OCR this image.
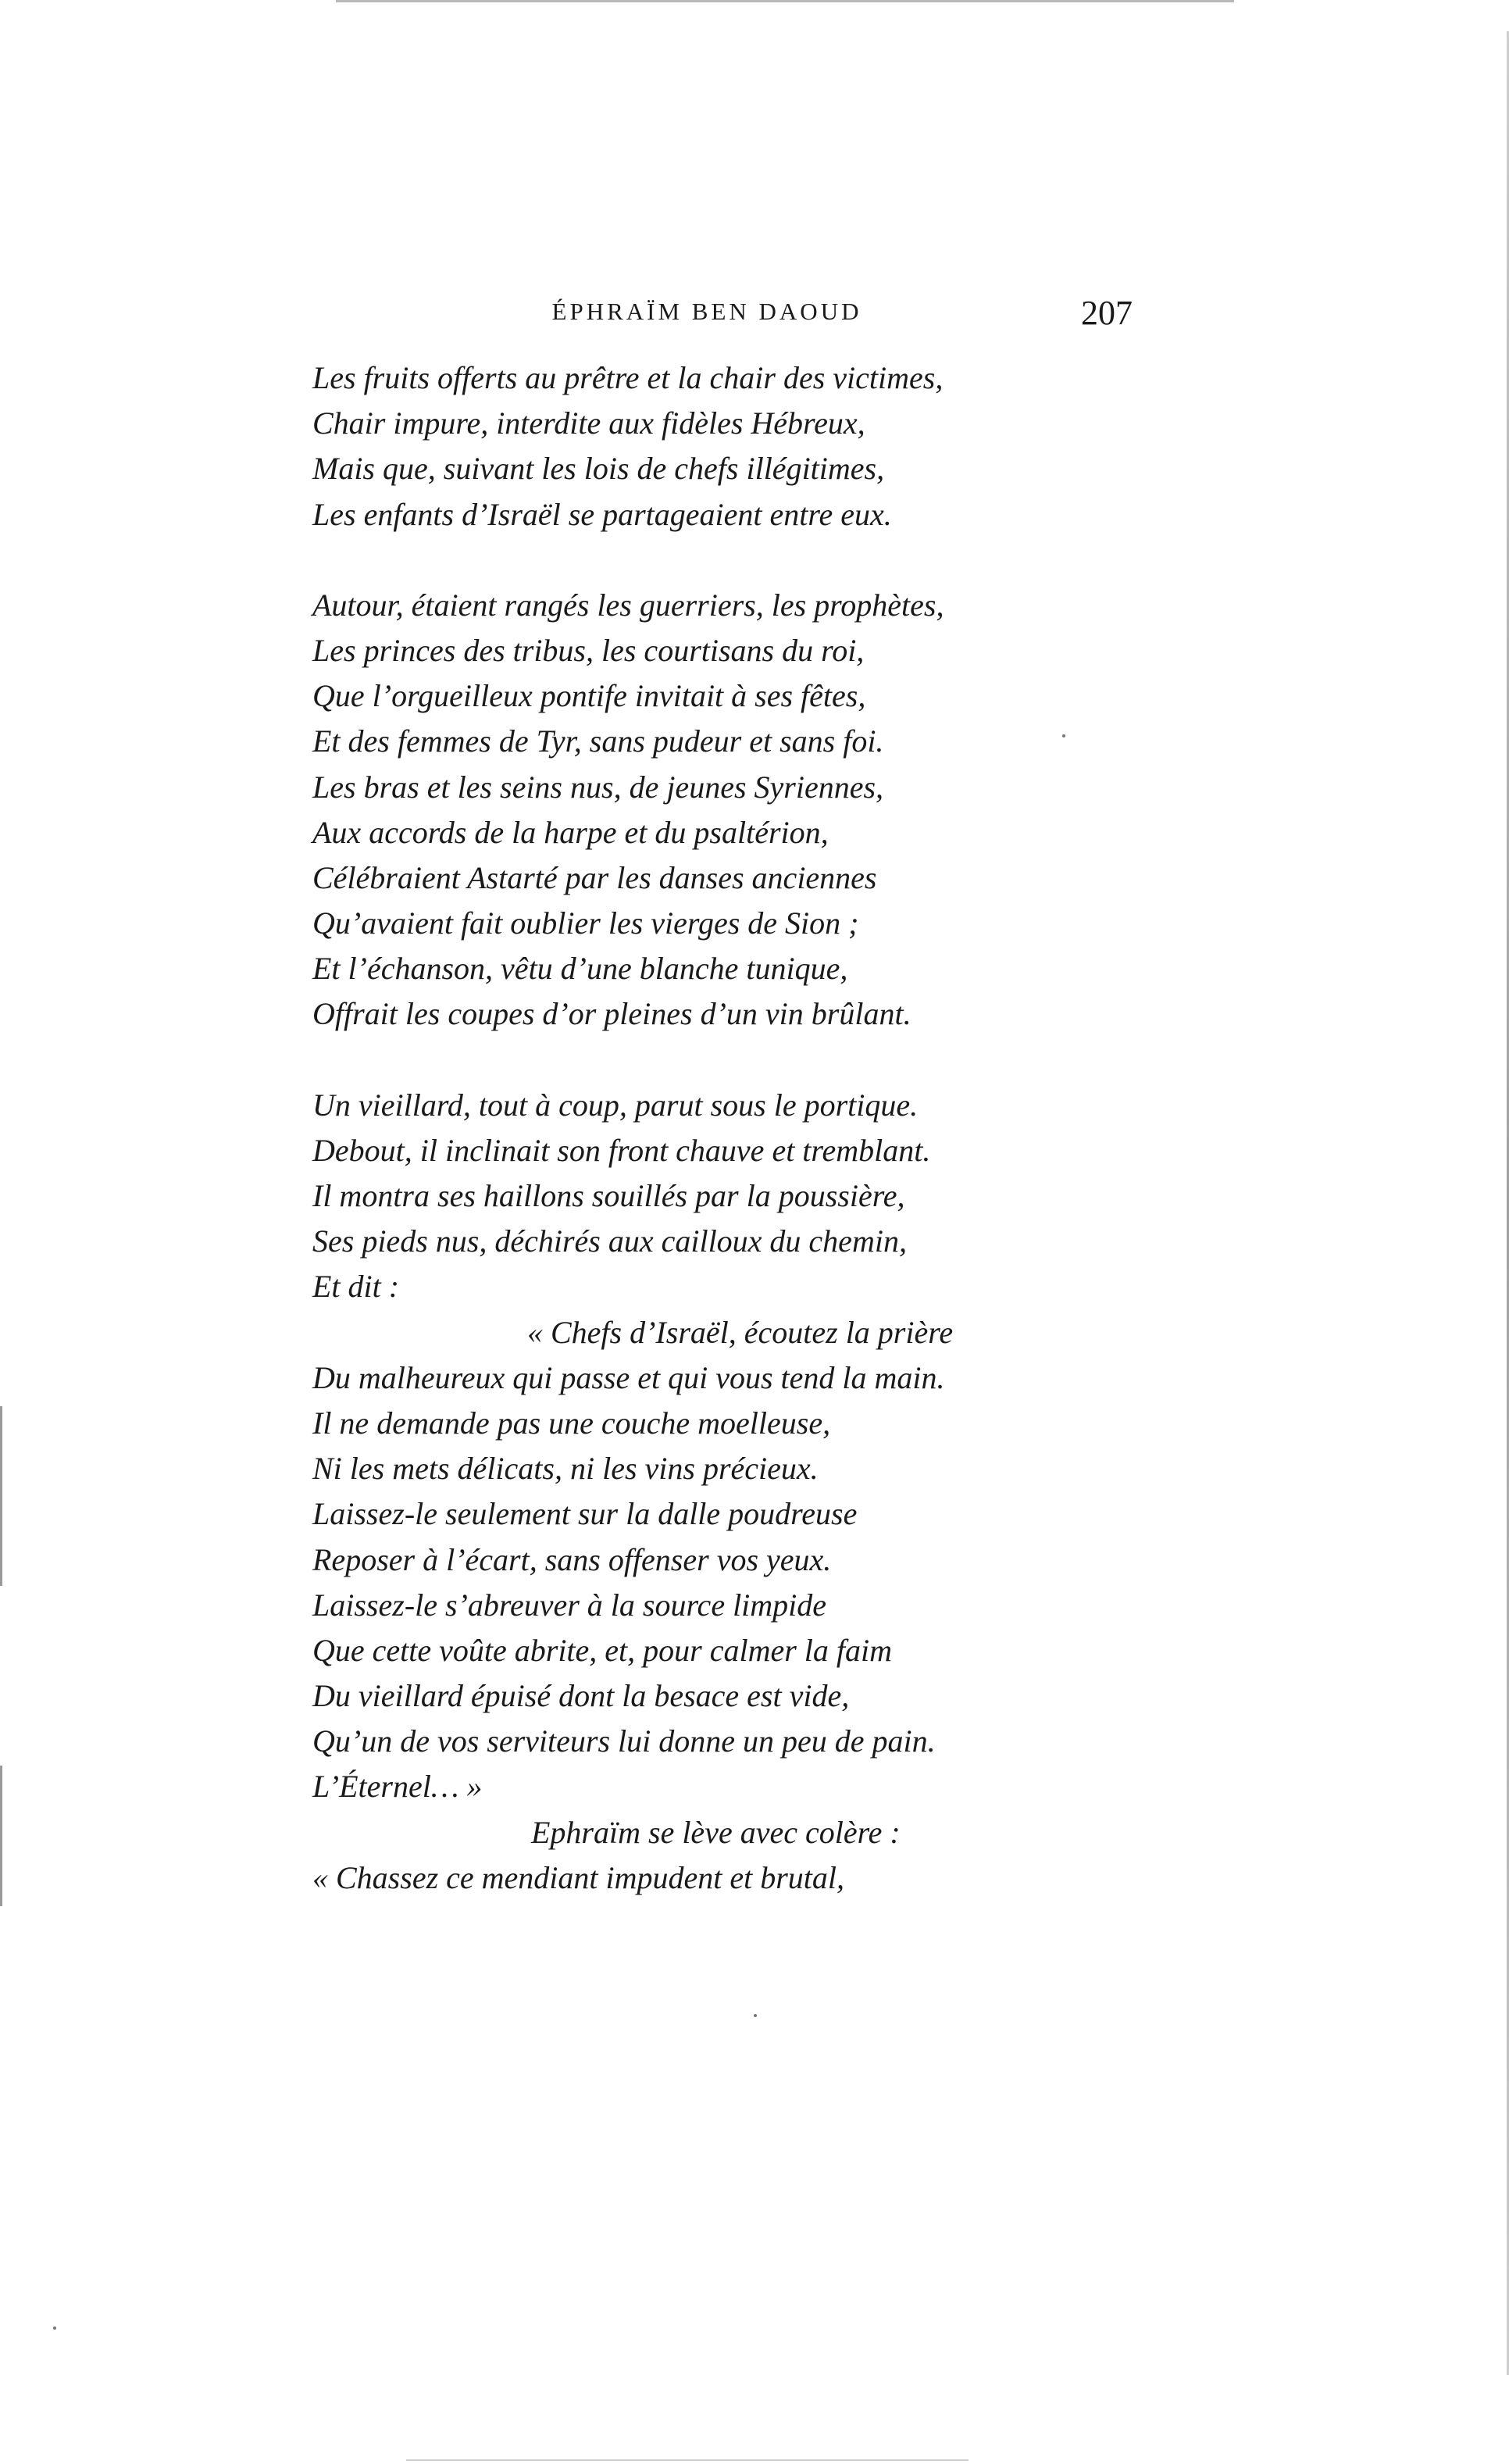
ÉPHRAÏM BEN DAOUD	207
Les fruits offerts au prêtre et la chair des victimes,
Chair impure, interdite aux fidèles Hébreux,
Mais que, suivant les lois de chefs illégitimes,
Les enfants d’Israël se partageaient entre eux.
Autour, étaient rangés les guerriers, les prophètes,
Les princes des tribus, les courtisans du roi,
Que l’orgueilleux pontife invitait à ses fêtes,
Et des femmes de Tyr, sans pudeur et sans foi.
Les bras et les seins nus, de jeunes Syriennes,
Aux accords de la harpe et du psaltérion,
Célébraient Astarté par les danses anciennes
Qu’avaient fait oublier les vierges de Sion ;
Et l’échanson, vêtu d’une blanche tunique,
Offrait les coupes d’or pleines d’un vin brûlant.
Un vieillard, tout à coup, parut sous le portique.
Debout, il inclinait son front chauve et tremblant.
Il montra ses haillons souillés par la poussière,
Ses pieds nus, déchirés aux cailloux du chemin,
Et dit :
« Chefs d’Israël, écoutez la prière
Du malheureux qui passe et qui vous tend la main.
Il ne demande pas une couche moelleuse,
Ni les mets délicats, ni les vins précieux.
Laissez-le seulement sur la dalle poudreuse
Reposer à l’écart, sans offenser vos yeux.
Laissez-le s’abreuver à la source limpide
Que cette voûte abrite, et, pour calmer la faim
Du vieillard épuisé dont la besace est vide,
Qu’un de vos serviteurs lui donne un peu de pain.
L’Éternel… »
Ephraïm se lève avec colère :
« Chassez ce mendiant impudent et brutal,
